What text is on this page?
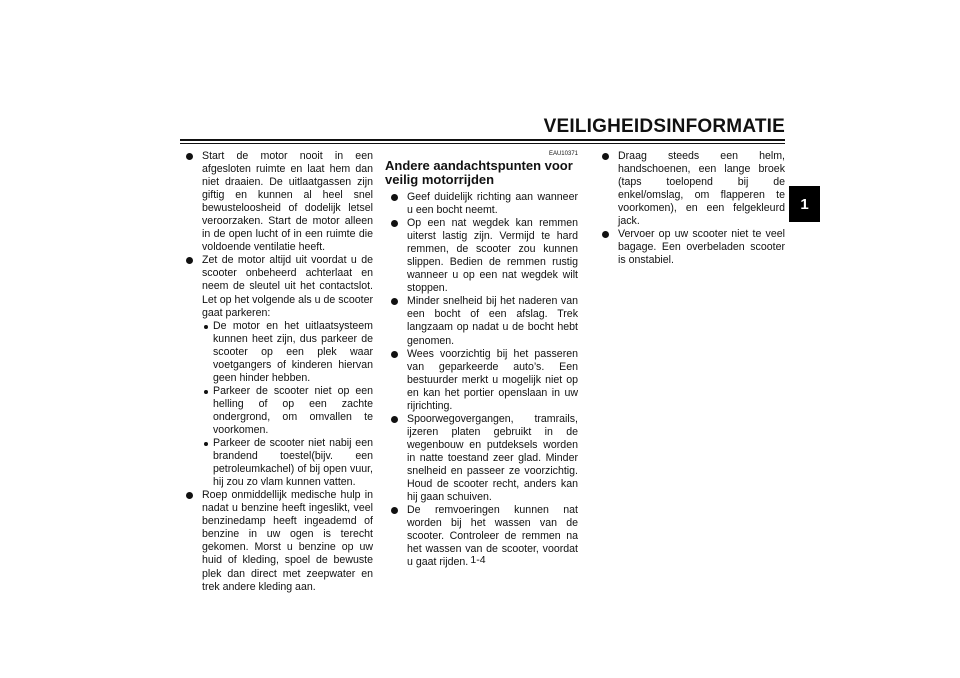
VEILIGHEIDSINFORMATIE
1
Start de motor nooit in een afgesloten ruimte en laat hem dan niet draaien. De uitlaatgassen zijn giftig en kunnen al heel snel bewusteloosheid of dodelijk letsel veroorzaken. Start de motor alleen in de open lucht of in een ruimte die voldoende ventilatie heeft.
Zet de motor altijd uit voordat u de scooter onbeheerd achterlaat en neem de sleutel uit het contactslot. Let op het volgende als u de scooter gaat parkeren:
De motor en het uitlaatsysteem kunnen heet zijn, dus parkeer de scooter op een plek waar voetgangers of kinderen hiervan geen hinder hebben.
Parkeer de scooter niet op een helling of op een zachte ondergrond, om omvallen te voorkomen.
Parkeer de scooter niet nabij een brandend toestel(bijv. een petroleumkachel) of bij open vuur, hij zou zo vlam kunnen vatten.
Roep onmiddellijk medische hulp in nadat u benzine heeft ingeslikt, veel benzinedamp heeft ingeademd of benzine in uw ogen is terecht gekomen. Morst u benzine op uw huid of kleding, spoel de bewuste plek dan direct met zeepwater en trek andere kleding aan.
EAU10371
Andere aandachtspunten voor veilig motorrijden
Geef duidelijk richting aan wanneer u een bocht neemt.
Op een nat wegdek kan remmen uiterst lastig zijn. Vermijd te hard remmen, de scooter zou kunnen slippen. Bedien de remmen rustig wanneer u op een nat wegdek wilt stoppen.
Minder snelheid bij het naderen van een bocht of een afslag. Trek langzaam op nadat u de bocht hebt genomen.
Wees voorzichtig bij het passeren van geparkeerde auto’s. Een bestuurder merkt u mogelijk niet op en kan het portier openslaan in uw rijrichting.
Spoorwegovergangen, tramrails, ijzeren platen gebruikt in de wegenbouw en putdeksels worden in natte toestand zeer glad. Minder snelheid en passeer ze voorzichtig. Houd de scooter recht, anders kan hij gaan schuiven.
De remvoeringen kunnen nat worden bij het wassen van de scooter. Controleer de remmen na het wassen van de scooter, voordat u gaat rijden.
Draag steeds een helm, handschoenen, een lange broek (taps toelopend bij de enkel/omslag, om flapperen te voorkomen), en een felgekleurd jack.
Vervoer op uw scooter niet te veel bagage. Een overbeladen scooter is onstabiel.
1-4
